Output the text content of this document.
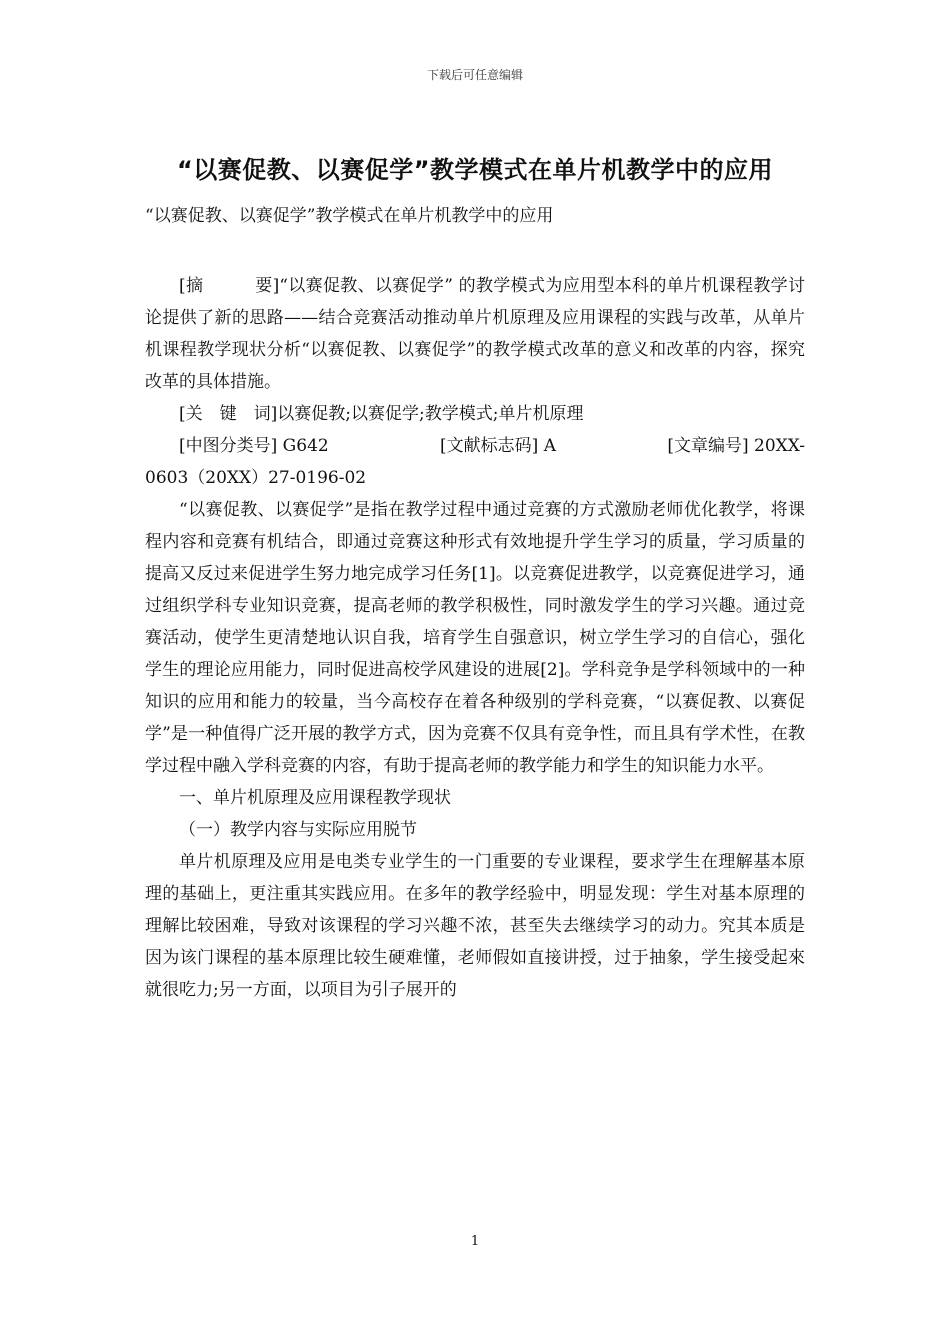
下载后可任意编辑
“以赛促教、以赛促学”教学模式在单片机教学中的应用
“以赛促教、以赛促学”教学模式在单片机教学中的应用

[摘　　　要]“以赛促教、以赛促学” 的教学模式为应用型本科的单片机课程教学讨论提供了新的思路——结合竞赛活动推动单片机原理及应用课程的实践与改革，从单片机课程教学现状分析“以赛促教、以赛促学”的教学模式改革的意义和改革的内容，探究改革的具体措施。

[关　键　词]以赛促教;以赛促学;教学模式;单片机原理

[中图分类号] G642	[文献标志码] A	[文章编号] 20XX-

0603（20XX）27-0196-02

“以赛促教、以赛促学”是指在教学过程中通过竞赛的方式激励老师优化教学，将课程内容和竞赛有机结合，即通过竞赛这种形式有效地提升学生学习的质量，学习质量的提高又反过来促进学生努力地完成学习任务[1]。以竞赛促进教学，以竞赛促进学习，通过组织学科专业知识竞赛，提高老师的教学积极性，同时激发学生的学习兴趣。通过竞赛活动，使学生更清楚地认识自我，培育学生自强意识，树立学生学习的自信心，强化学生的理论应用能力，同时促进高校学风建设的进展[2]。学科竞争是学科领域中的一种知识的应用和能力的较量，当今高校存在着各种级别的学科竞赛，“以赛促教、以赛促学”是一种值得广泛开展的教学方式，因为竞赛不仅具有竞争性，而且具有学术性，在教学过程中融入学科竞赛的内容，有助于提高老师的教学能力和学生的知识能力水平。

一、单片机原理及应用课程教学现状

（一）教学内容与实际应用脱节

单片机原理及应用是电类专业学生的一门重要的专业课程，要求学生在理解基本原理的基础上，更注重其实践应用。在多年的教学经验中，明显发现：学生对基本原理的理解比较困难，导致对该课程的学习兴趣不浓，甚至失去继续学习的动力。究其本质是因为该门课程的基本原理比较生硬难懂，老师假如直接讲授，过于抽象，学生接受起來就很吃力;另一方面，以项目为引子展开的

1
